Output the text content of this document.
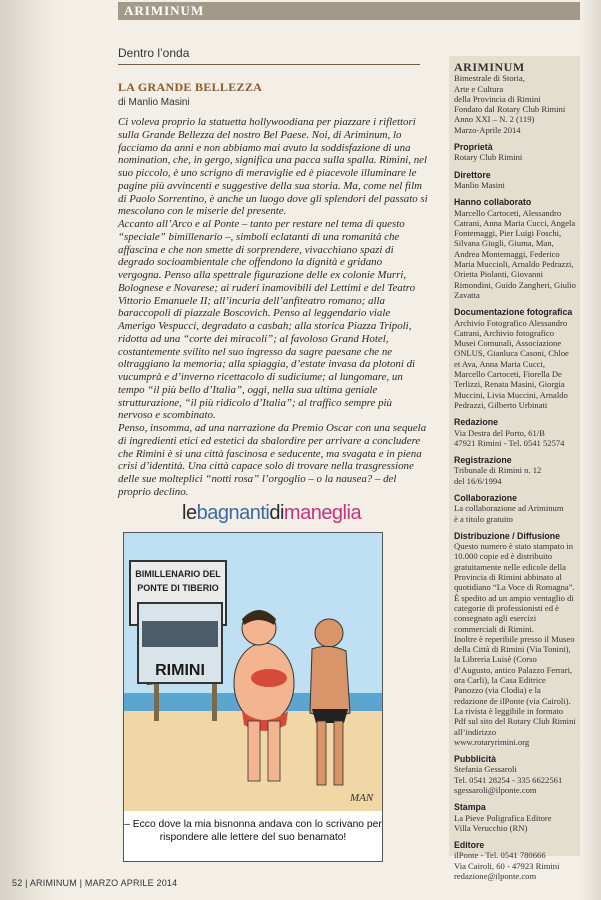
ARIMINUM
Dentro l’onda
LA GRANDE BELLEZZA
di Manlio Masini

Ci voleva proprio la statuetta hollywoodiana per piazzare i riflettori sulla Grande Bellezza del nostro Bel Paese. Noi, di Ariminum, lo facciamo da anni e non abbiamo mai avuto la soddisfazione di una nomination, che, in gergo, significa una pacca sulla spalla. Rimini, nel suo piccolo, è uno scrigno di meraviglie ed è piacevole illuminare le pagine più avvincenti e suggestive della sua storia. Ma, come nel film di Paolo Sorrentino, è anche un luogo dove gli splendori del passato si mescolano con le miserie del presente.

Accanto all’Arco e al Ponte – tanto per restare nel tema di questo “speciale” bimillenario –, simboli eclatanti di una romanità che affascina e che non smette di sorprendere, vivacchiano spazi di degrado socioambientale che offendono la dignità e gridano vergogna. Penso alla spettrale figurazione delle ex colonie Murri, Bolognese e Novarese; ai ruderi inamovibili del Lettimi e del Teatro Vittorio Emanuele II; all’incuria dell’anfiteatro romano; alla baraccopoli di piazzale Boscovich. Penso al leggendario viale Amerigo Vespucci, degradato a casbah; alla storica Piazza Tripoli, ridotta ad una “corte dei miracoli”; al favoloso Grand Hotel, costantemente svilito nel suo ingresso da sagre paesane che ne oltraggiano la memoria; alla spiaggia, d’estate invasa da plotoni di vucumprà e d’inverno ricettacolo di sudiciume; al lungomare, un tempo “il più bello d’Italia”, oggi, nella sua ultima geniale strutturazione, “il più ridicolo d’Italia”; al traffico sempre più nervoso e scombinato.

Penso, insomma, ad una narrazione da Premio Oscar con una sequela di ingredienti etici ed estetici da sbalordire per arrivare a concludere che Rimini è sì una città fascinosa e seducente, ma svagata e in piena crisi d’identità. Una città capace solo di trovare nella trasgressione delle sue molteplici “notti rosa” l’orgoglio – o la nausea? – del proprio declino.

lebagnantidimaneglia
RIMINI
BIMILLENARIO DEL
PONTE DI TIBERIO
MAN
– Ecco dove la mia bisnonna andava con lo scrivano per rispondere alle lettere del suo benamato!
ARIMINUM
Bimestrale di Storia,
Arte e Cultura
della Provincia di Rimini
Fondato dal Rotary Club Rimini
Anno XXI – N. 2 (119)
Marzo-Aprile 2014
Proprietà
Rotary Club Rimini
Direttore
Manlio Masini
Hanno collaborato
Marcello Cartoceti, Alessandro Catrani, Anna Maria Cucci, Angela Fontemaggi, Pier Luigi Foschi, Silvana Giugli, Giuma, Man, Andrea Montemaggi, Federico Maria Muccioli, Arnaldo Pedrazzi, Orietta Piolanti, Giovanni Rimondini, Guido Zangheri, Giulio Zavatta
Documentazione fotografica
Archivio Fotografico Alessandro Catrani, Archivio fotografico Musei Comunali, Associazione ONLUS, Gianluca Casoni, Chloe et Ava, Anna Maria Cucci, Marcello Cartoceti, Fiorella De Terlizzi, Renata Masini, Giorgia Muccini, Livia Muccini, Arnaldo Pedrazzi, Gilberto Urbinati
Redazione
Via Destra del Porto, 61/B
47921 Rimini - Tel. 0541 52574
Registrazione
Tribunale di Rimini n. 12
del 16/6/1994
Collaborazione
La collaborazione ad Ariminum
è a titolo gratuito
Distribuzione / Diffusione
Questo numero è stato stampato in 10.000 copie ed è distribuito gratuitamente nelle edicole della Provincia di Rimini abbinato al quotidiano “La Voce di Romagna”. È spedito ad un ampio ventaglio di categorie di professionisti ed è consegnato agli esercizi commerciali di Rimini.
Inoltre è reperibile presso il Museo della Città di Rimini (Via Tonini), la Libreria Luisè (Corso d’Augusto, antico Palazzo Ferrari, ora Carli), la Casa Editrice Panozzo (via Clodia) e la redazione de ilPonte (via Cairoli).
La rivista è leggibile in formato Pdf sul sito del Rotary Club Rimini all’indirizzo
www.rotaryrimini.org
Pubblicità
Stefania Gessaroli
Tel. 0541 28254 - 335 6622561
sgessaroli@ilponte.com
Stampa
La Pieve Poligrafica Editore
Villa Verucchio (RN)
Editore
ilPonte - Tel. 0541 780666
Via Cairoli, 60 - 47923 Rimini
redazione@ilponte.com
52 | ARIMINUM | MARZO APRILE 2014
